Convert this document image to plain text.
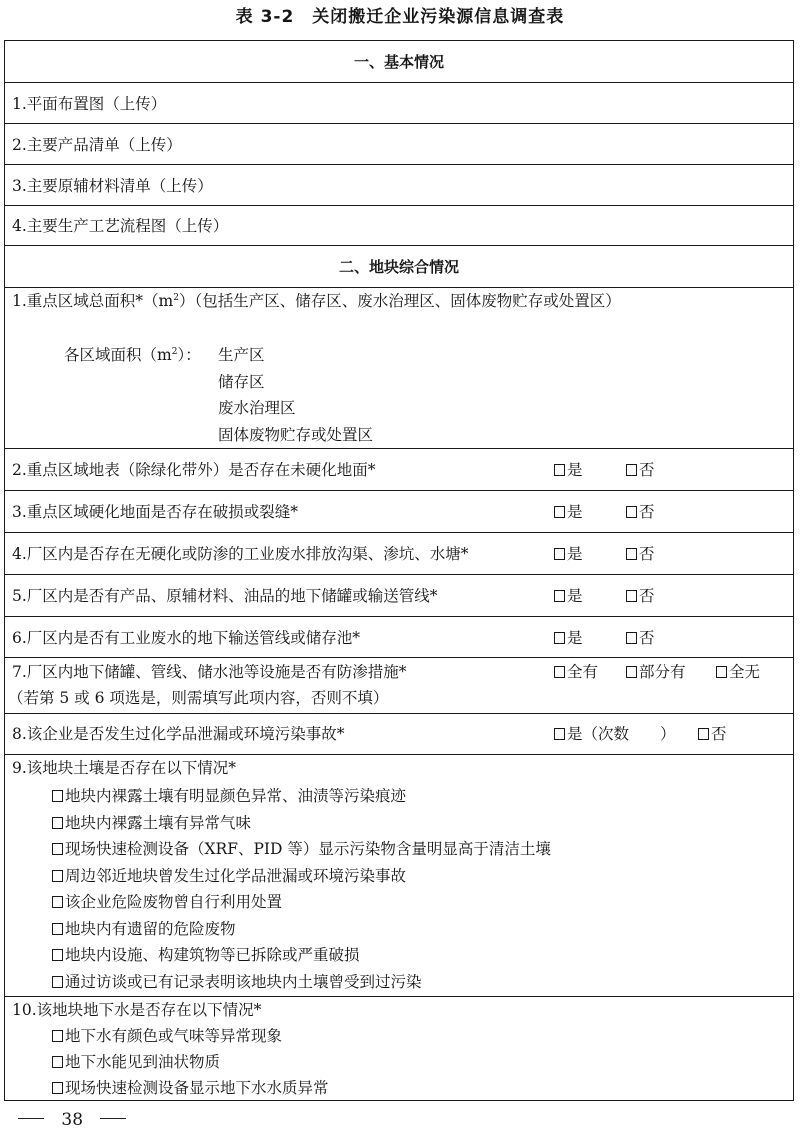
表 3-2　关闭搬迁企业污染源信息调查表
一、基本情况
1.平面布置图（上传）
2.主要产品清单（上传）
3.主要原辅材料清单（上传）
4.主要生产工艺流程图（上传）
二、地块综合情况
1.重点区域总面积$*(m^2)$（包括生产区、储存区、废水治理区、固体废物贮存或处置区）
各区域面积$(m^2)$： 生产区
储存区
废水治理区
固体废物贮存或处置区
2.重点区域地表（除绿化带外）是否存在未硬化地面*	是	否
3.重点区域硬化地面是否存在破损或裂缝*	是	否
4.厂区内是否存在无硬化或防渗的工业废水排放沟渠、渗坑、水塘*	是	否
5.厂区内是否有产品、原辅材料、油品的地下储罐或输送管线*	是	否
6.厂区内是否有工业废水的地下输送管线或储存池*	是	否
7.厂区内地下储罐、管线、储水池等设施是否有防渗措施*
（若第 5 或 6 项选是，则需填写此项内容，否则不填）
全有	部分有	全无
8.该企业是否发生过化学品泄漏或环境污染事故*	是（次数　　）	否
9.该地块土壤是否存在以下情况*
地块内裸露土壤有明显颜色异常、油渍等污染痕迹
地块内裸露土壤有异常气味
现场快速检测设备（XRF、PID 等）显示污染物含量明显高于清洁土壤
周边邻近地块曾发生过化学品泄漏或环境污染事故
该企业危险废物曾自行利用处置
地块内有遗留的危险废物
地块内设施、构建筑物等已拆除或严重破损
通过访谈或已有记录表明该地块内土壤曾受到过污染
10.该地块地下水是否存在以下情况*
地下水有颜色或气味等异常现象
地下水能见到油状物质
现场快速检测设备显示地下水水质异常
38
